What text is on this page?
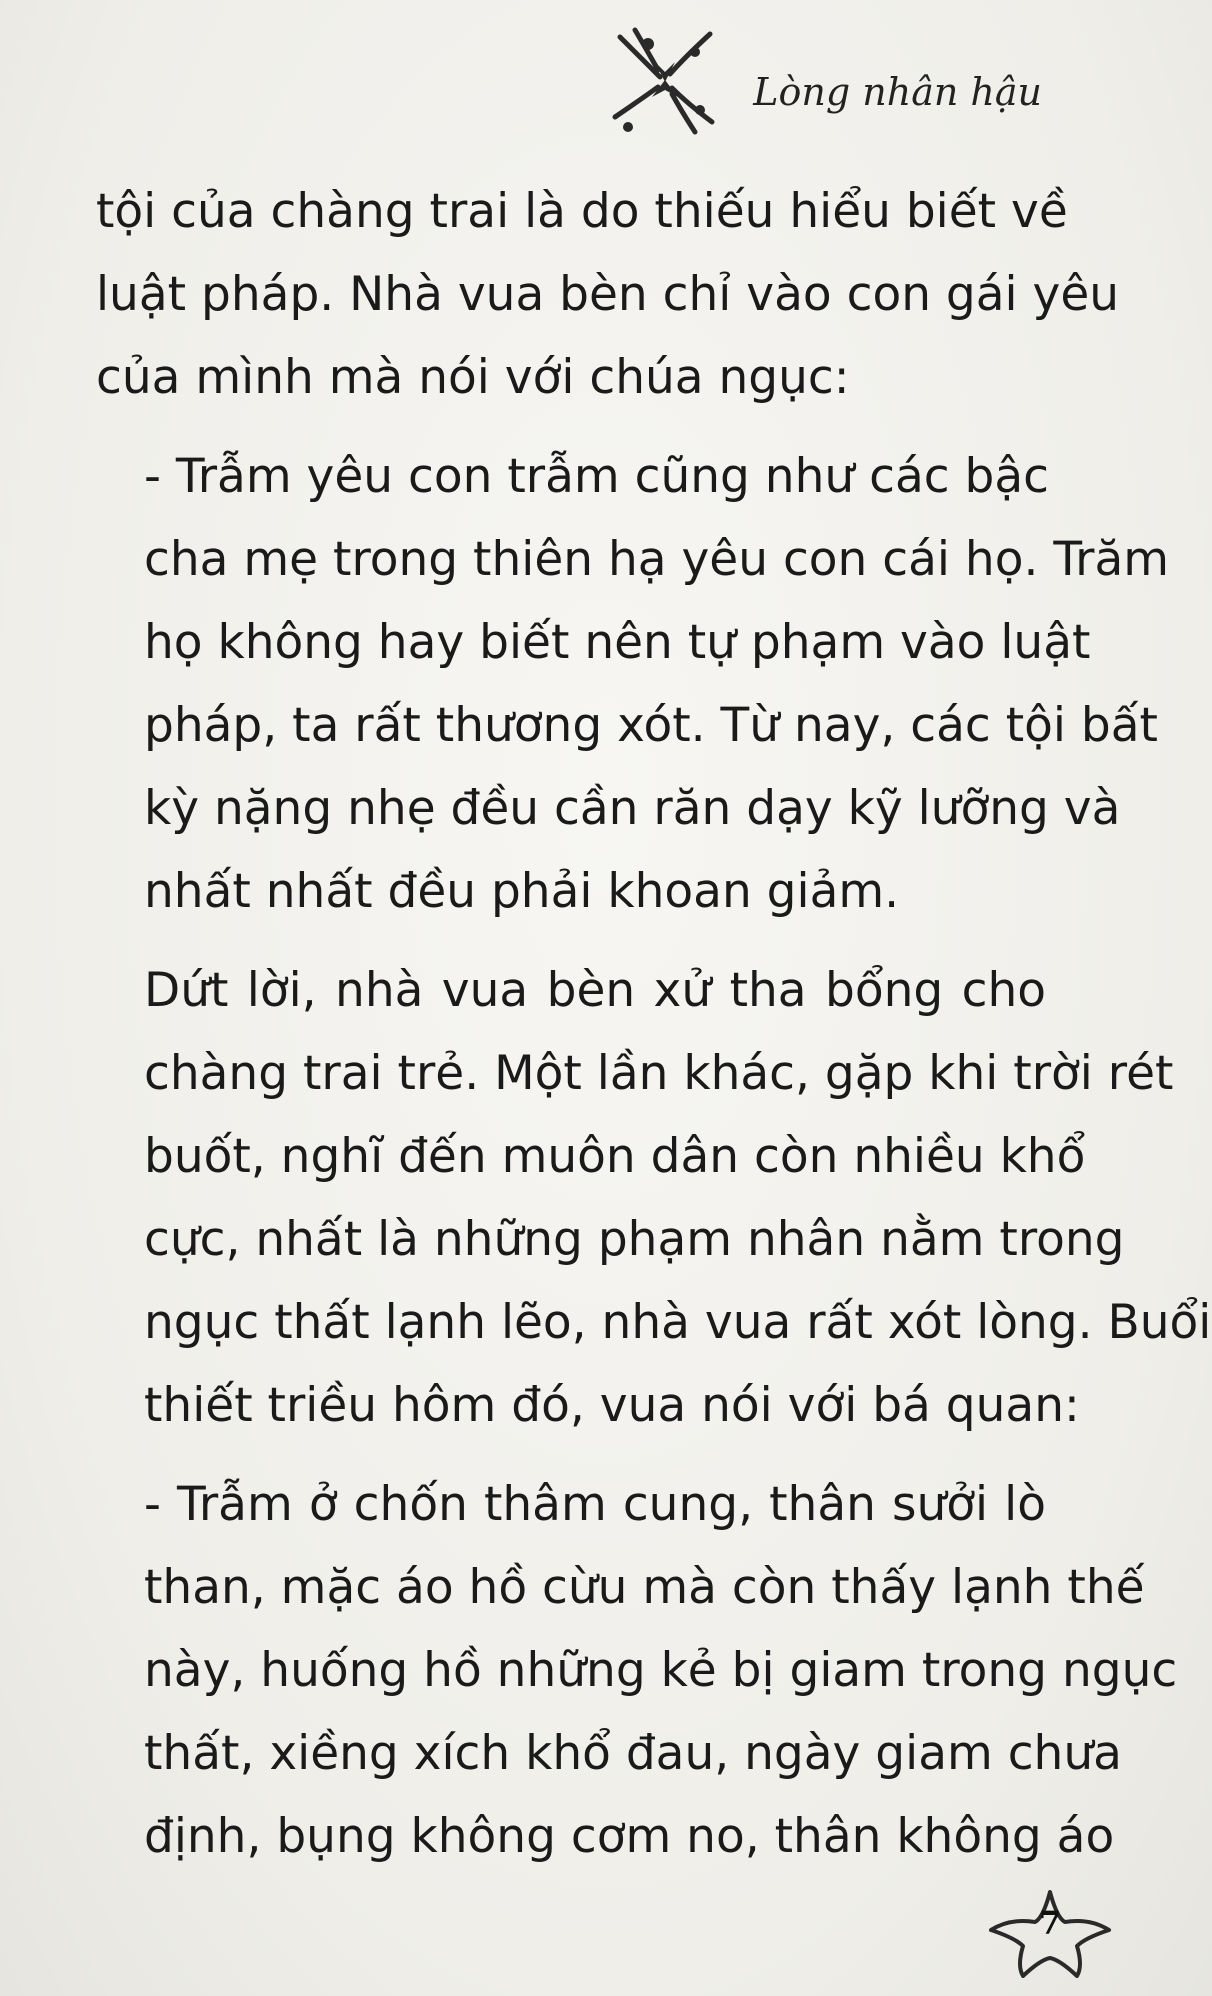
Lòng nhân hậu

tội của chàng trai là do thiếu hiểu biết về
luật pháp. Nhà vua bèn chỉ vào con gái yêu
của mình mà nói với chúa ngục:

- Trẫm yêu con trẫm cũng như các bậc
cha mẹ trong thiên hạ yêu con cái họ. Trăm
họ không hay biết nên tự phạm vào luật
pháp, ta rất thương xót. Từ nay, các tội bất
kỳ nặng nhẹ đều cần răn dạy kỹ lưỡng và
nhất nhất đều phải khoan giảm.

Dứt lời, nhà vua bèn xử tha bổng cho
chàng trai trẻ. Một lần khác, gặp khi trời rét
buốt, nghĩ đến muôn dân còn nhiều khổ
cực, nhất là những phạm nhân nằm trong
ngục thất lạnh lẽo, nhà vua rất xót lòng. Buổi
thiết triều hôm đó, vua nói với bá quan:

- Trẫm ở chốn thâm cung, thân sưởi lò
than, mặc áo hồ cừu mà còn thấy lạnh thế
này, huống hồ những kẻ bị giam trong ngục
thất, xiềng xích khổ đau, ngày giam chưa
định, bụng không cơm no, thân không áo

7
